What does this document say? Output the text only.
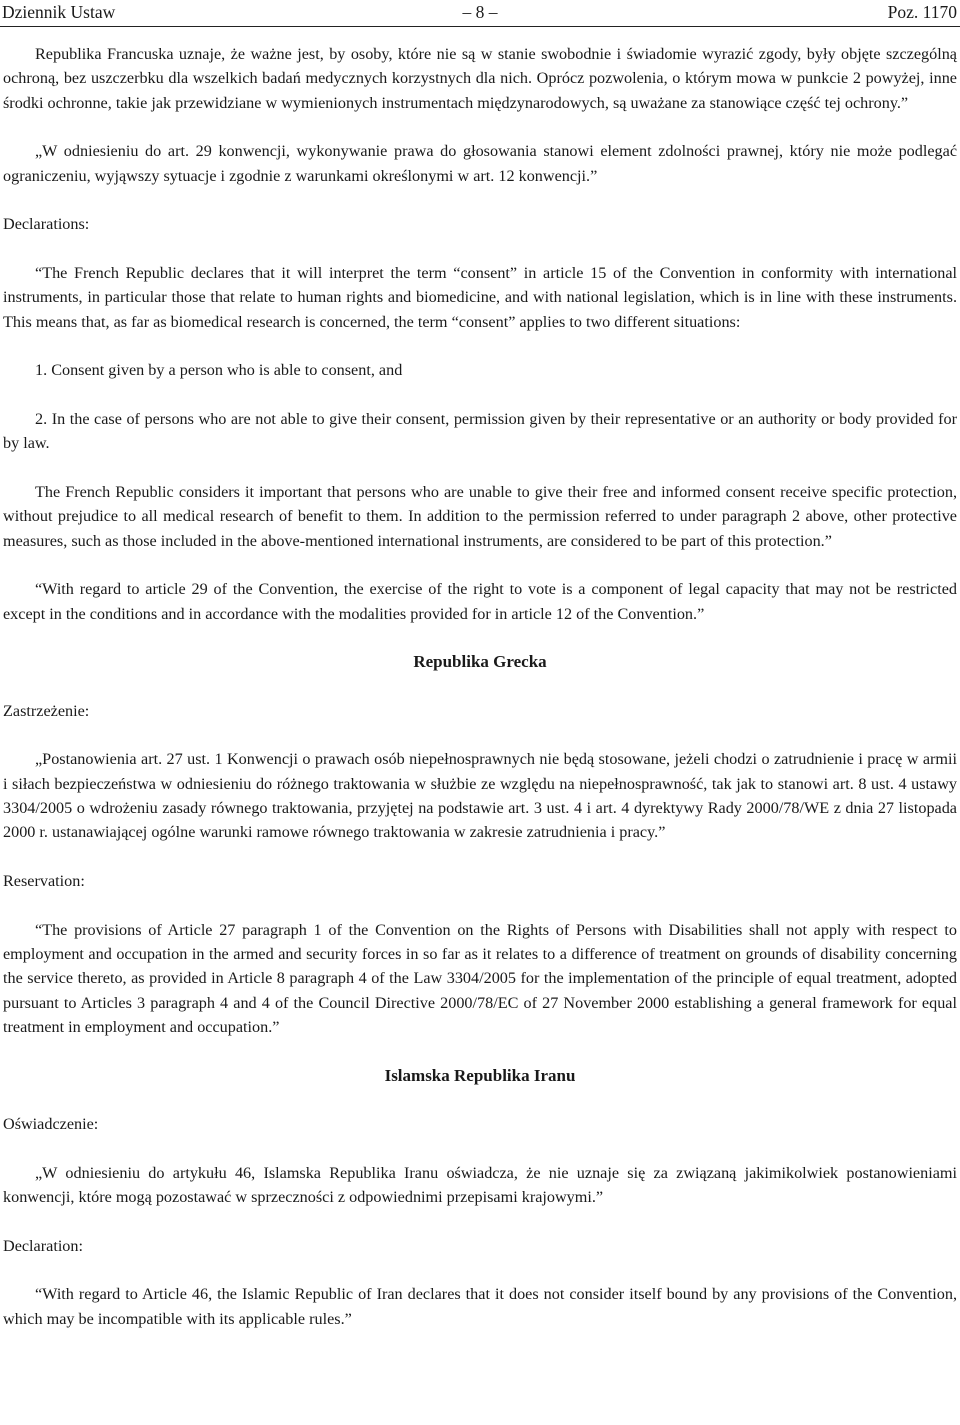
Dziennik Ustaw	– 8 –	Poz. 1170

Republika Francuska uznaje, że ważne jest, by osoby, które nie są w stanie swobodnie i świadomie wyrazić zgody, były objęte szczególną ochroną, bez uszczerbku dla wszelkich badań medycznych korzystnych dla nich. Oprócz pozwolenia, o którym mowa w punkcie 2 powyżej, inne środki ochronne, takie jak przewidziane w wymienionych instrumentach międzynarodowych, są uważane za stanowiące część tej ochrony.”

„W odniesieniu do art. 29 konwencji, wykonywanie prawa do głosowania stanowi element zdolności prawnej, który nie może podlegać ograniczeniu, wyjąwszy sytuacje i zgodnie z warunkami określonymi w art. 12 konwencji.”

Declarations:

“The French Republic declares that it will interpret the term “consent” in article 15 of the Convention in conformity with international instruments, in particular those that relate to human rights and biomedicine, and with national legislation, which is in line with these instruments. This means that, as far as biomedical research is concerned, the term “consent” applies to two different situations:

1. Consent given by a person who is able to consent, and

2. In the case of persons who are not able to give their consent, permission given by their representative or an authority or body provided for by law.

The French Republic considers it important that persons who are unable to give their free and informed consent receive specific protection, without prejudice to all medical research of benefit to them. In addition to the permission referred to under paragraph 2 above, other protective measures, such as those included in the above-mentioned international instruments, are considered to be part of this protection.”

“With regard to article 29 of the Convention, the exercise of the right to vote is a component of legal capacity that may not be restricted except in the conditions and in accordance with the modalities provided for in article 12 of the Convention.”

Republika Grecka

Zastrzeżenie:

„Postanowienia art. 27 ust. 1 Konwencji o prawach osób niepełnosprawnych nie będą stosowane, jeżeli chodzi o zatrudnienie i pracę w armii i siłach bezpieczeństwa w odniesieniu do różnego traktowania w służbie ze względu na niepełnosprawność, tak jak to stanowi art. 8 ust. 4 ustawy 3304/2005 o wdrożeniu zasady równego traktowania, przyjętej na podstawie art. 3 ust. 4 i art. 4 dyrektywy Rady 2000/78/WE z dnia 27 listopada 2000 r. ustanawiającej ogólne warunki ramowe równego traktowania w zakresie zatrudnienia i pracy.”

Reservation:

“The provisions of Article 27 paragraph 1 of the Convention on the Rights of Persons with Disabilities shall not apply with respect to employment and occupation in the armed and security forces in so far as it relates to a difference of treatment on grounds of disability concerning the service thereto, as provided in Article 8 paragraph 4 of the Law 3304/2005 for the implementation of the principle of equal treatment, adopted pursuant to Articles 3 paragraph 4 and 4 of the Council Directive 2000/78/EC of 27 November 2000 establishing a general framework for equal treatment in employment and occupation.”

Islamska Republika Iranu

Oświadczenie:

„W odniesieniu do artykułu 46, Islamska Republika Iranu oświadcza, że nie uznaje się za związaną jakimikolwiek postanowieniami konwencji, które mogą pozostawać w sprzeczności z odpowiednimi przepisami krajowymi.”

Declaration:

“With regard to Article 46, the Islamic Republic of Iran declares that it does not consider itself bound by any provisions of the Convention, which may be incompatible with its applicable rules.”
